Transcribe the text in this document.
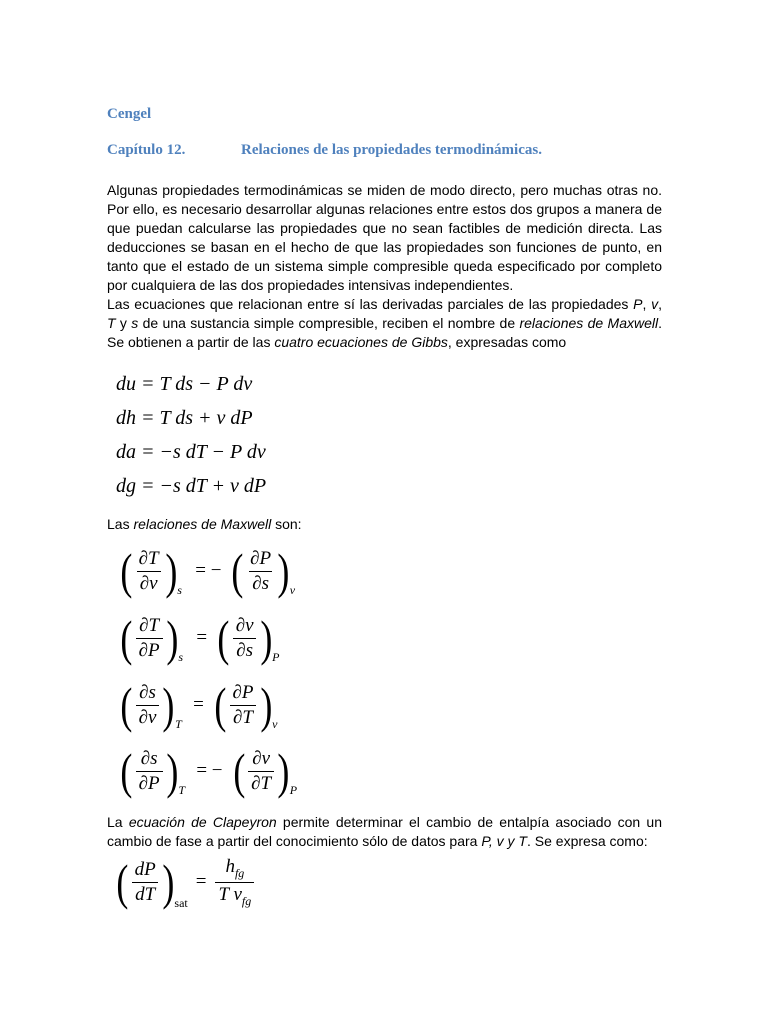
Cengel
Capítulo 12.	Relaciones de las propiedades termodinámicas.

Algunas propiedades termodinámicas se miden de modo directo, pero muchas otras no. Por ello, es necesario desarrollar algunas relaciones entre estos dos grupos a manera de que puedan calcularse las propiedades que no sean factibles de medición directa. Las deducciones se basan en el hecho de que las propiedades son funciones de punto, en tanto que el estado de un sistema simple compresible queda especificado por completo por cualquiera de las dos propiedades intensivas independientes.

Las ecuaciones que relacionan entre sí las derivadas parciales de las propiedades P, v, T y s de una sustancia simple compresible, reciben el nombre de relaciones de Maxwell. Se obtienen a partir de las cuatro ecuaciones de Gibbs, expresadas como

du = T ds − P dv
dh = T ds + v dP
da = −s dT − P dv
dg = −s dT + v dP

Las relaciones de Maxwell son:

( $\frac{\partial T}{\partial v}$ ) s
= − ( $\frac{\partial P}{\partial s}$ ) v
( $\frac{\partial T}{\partial P}$ ) s
= ( $\frac{\partial v}{\partial s}$ ) P
( $\frac{\partial s}{\partial v}$ ) T
= ( $\frac{\partial P}{\partial T}$ ) v
( $\frac{\partial s}{\partial P}$ ) T
= − ( $\frac{\partial v}{\partial T}$ ) P

La ecuación de Clapeyron permite determinar el cambio de entalpía asociado con un cambio de fase a partir del conocimiento sólo de datos para P, v y T. Se expresa como:

( $\frac{dP}{dT}$ ) sat
= $\frac{h_{fg}}{T v_{fg}}$
